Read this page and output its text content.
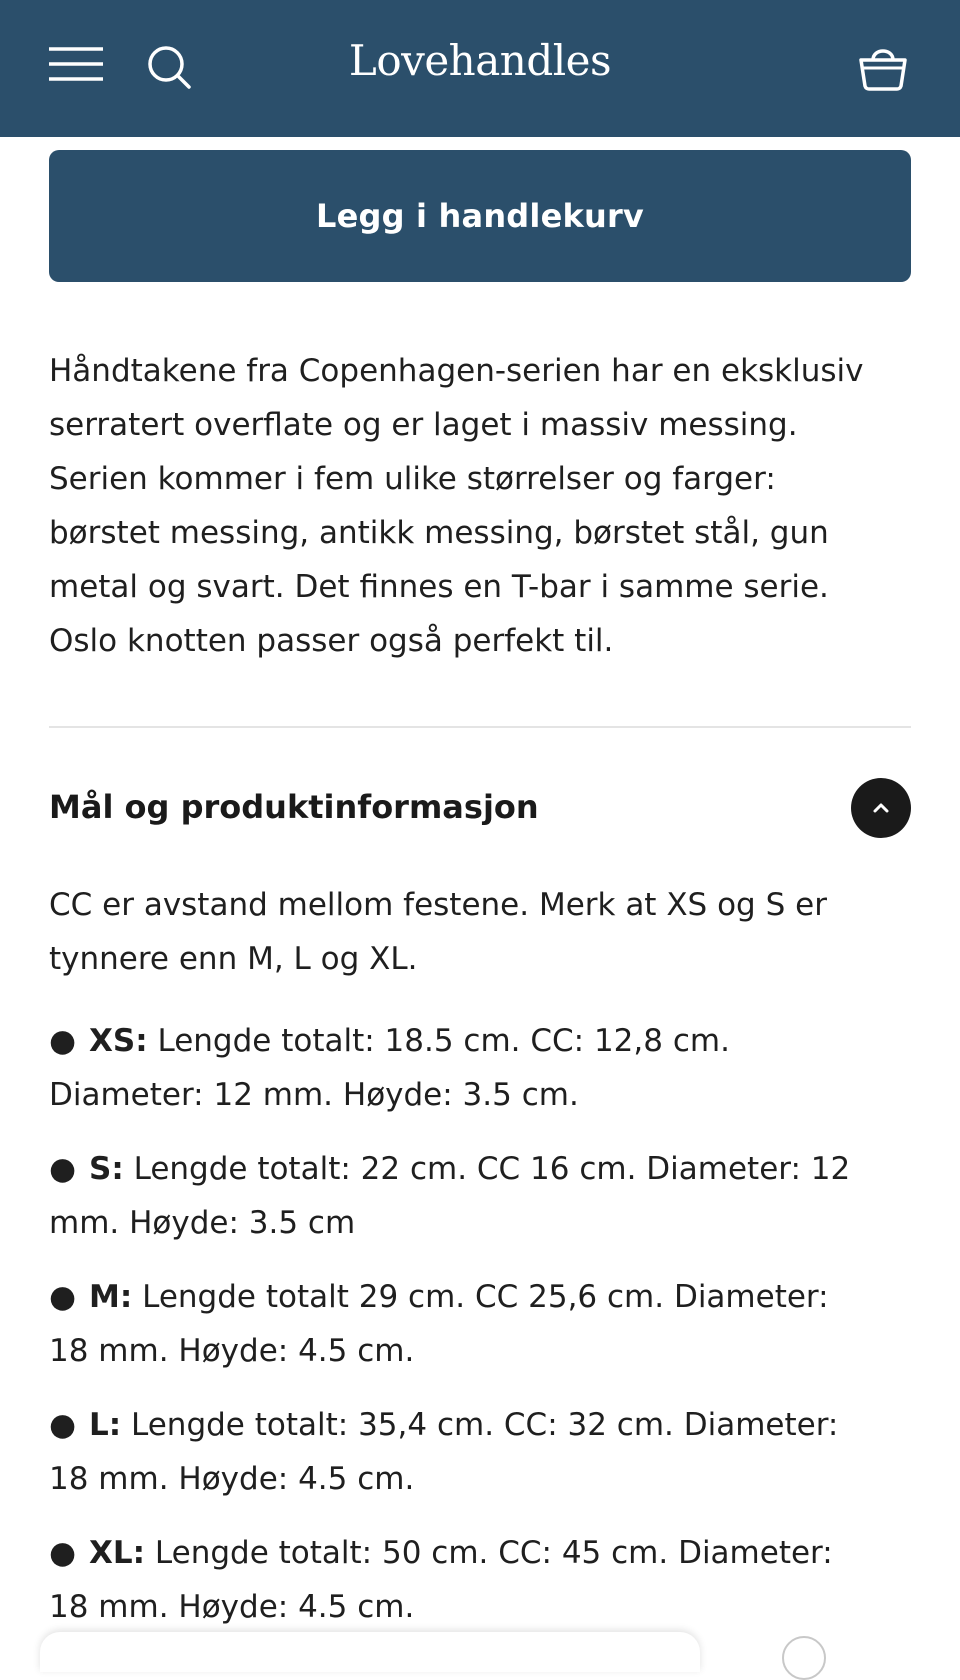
Lovehandles
Legg i handlekurv

Håndtakene fra Copenhagen-serien har en eksklusiv
serratert overflate og er laget i massiv messing.
Serien kommer i fem ulike størrelser og farger:
børstet messing, antikk messing, børstet stål, gun
metal og svart. Det finnes en T-bar i samme serie.
Oslo knotten passer også perfekt til.

Mål og produktinformasjon

CC er avstand mellom festene. Merk at XS og S er
tynnere enn M, L og XL.

● XS: Lengde totalt: 18.5 cm. CC: 12,8 cm.
Diameter: 12 mm. Høyde: 3.5 cm.
● S: Lengde totalt: 22 cm. CC 16 cm. Diameter: 12
mm. Høyde: 3.5 cm
● M: Lengde totalt 29 cm. CC 25,6 cm. Diameter:
18 mm. Høyde: 4.5 cm.
● L: Lengde totalt: 35,4 cm. CC: 32 cm. Diameter:
18 mm. Høyde: 4.5 cm.
● XL: Lengde totalt: 50 cm. CC: 45 cm. Diameter:
18 mm. Høyde: 4.5 cm.
